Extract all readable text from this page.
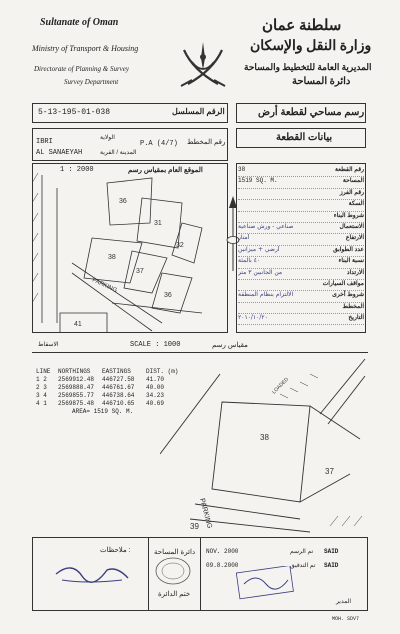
Sultanate of Oman
Ministry of Transport & Housing
Directorate of Planning & Survey
Survey Department
سلطنة عمان
وزارة النقل والإسكان
المديرية العامة للتخطيط والمساحة
دائرة المساحة
5-13-195-01-038	الرقم المسلسل	رسم مساحي لقطعة أرض
رقم المخطط
P.A (4/7)
IBRI	الولاية
AL SANAEYAH	المدينة / القرية
بيانات القطعة
1 : 2000	الموقع العام بمقياس رسم
36
31
32
38
37
36
41
PARKING
38	رقم القطعة
1519 SQ. M.	المساحة
رقم الفرز
السكة
شروط البناء
صناعي - ورش صناعية	الاستعمال
أمتار	الارتفاع
أرضي + ميزانين	عدد الطوابق
٤٠ بالمئة	نسبة البناء
من الجانبين ٣ متر	الارتداد
مواقف السيارات
الالتزام بنظام المنطقة	شروط أخرى
المخطط
٢٠١٠/١٠/٢٠	التاريخ
الاسقاط	SCALE : 1000	مقياس رسم
LINE	NORTHINGS	EASTINGS	DIST. (m)
1 2	2569912.48	446727.58	41.70
2 3	2569888.47	446761.67	40.00
3 4	2569855.77	446738.64	34.23
4 1	2569875.48	446710.65	40.69
AREA= 1519 SQ. M.
38
37
39 PARKING
LOADED
ملاحظات :	دائرة المساحة
ختم الدائرة
NOV. 2000
09.8.2000
تم الرسم
تم التدقيق
SAID
SAID
المدير
MOH. SDV7
